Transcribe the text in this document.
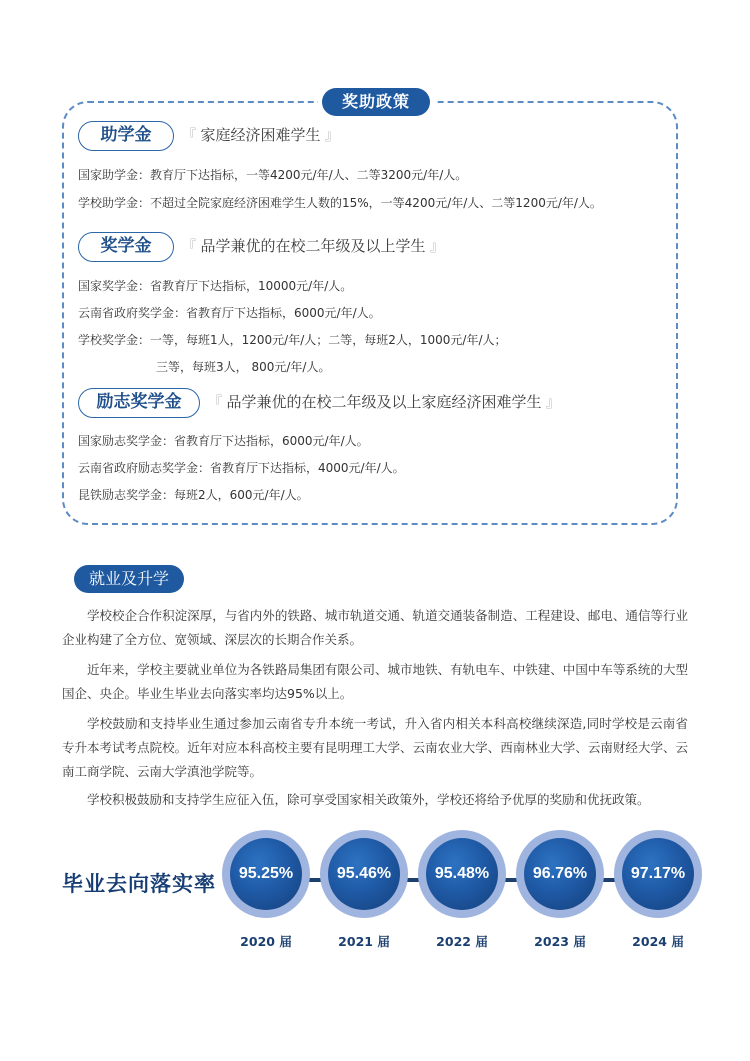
奖助政策
助学金	『 家庭经济困难学生 』
国家助学金：教育厅下达指标，一等4200元/年/人、二等3200元/年/人。
学校助学金：不超过全院家庭经济困难学生人数的15%，一等4200元/年/人、二等1200元/年/人。
奖学金	『 品学兼优的在校二年级及以上学生 』
国家奖学金：省教育厅下达指标，10000元/年/人。
云南省政府奖学金：省教育厅下达指标，6000元/年/人。
学校奖学金：一等，每班1人，1200元/年/人；二等，每班2人，1000元/年/人；
三等，每班3人， 800元/年/人。
励志奖学金	『 品学兼优的在校二年级及以上家庭经济困难学生 』
国家励志奖学金：省教育厅下达指标，6000元/年/人。
云南省政府励志奖学金：省教育厅下达指标，4000元/年/人。
昆铁励志奖学金：每班2人，600元/年/人。
就业及升学
学校校企合作积淀深厚，与省内外的铁路、城市轨道交通、轨道交通装备制造、工程建设、邮电、通信等行业企业构建了全方位、宽领域、深层次的长期合作关系。
近年来，学校主要就业单位为各铁路局集团有限公司、城市地铁、有轨电车、中铁建、中国中车等系统的大型国企、央企。毕业生毕业去向落实率均达95%以上。
学校鼓励和支持毕业生通过参加云南省专升本统一考试，升入省内相关本科高校继续深造,同时学校是云南省专升本考试考点院校。近年对应本科高校主要有昆明理工大学、云南农业大学、西南林业大学、云南财经大学、云南工商学院、云南大学滇池学院等。
学校积极鼓励和支持学生应征入伍，除可享受国家相关政策外，学校还将给予优厚的奖励和优抚政策。
毕业去向落实率 95.25%	95.46%	95.48%	96.76%	97.17%
2020 届	2021 届	2022 届	2023 届	2024 届
